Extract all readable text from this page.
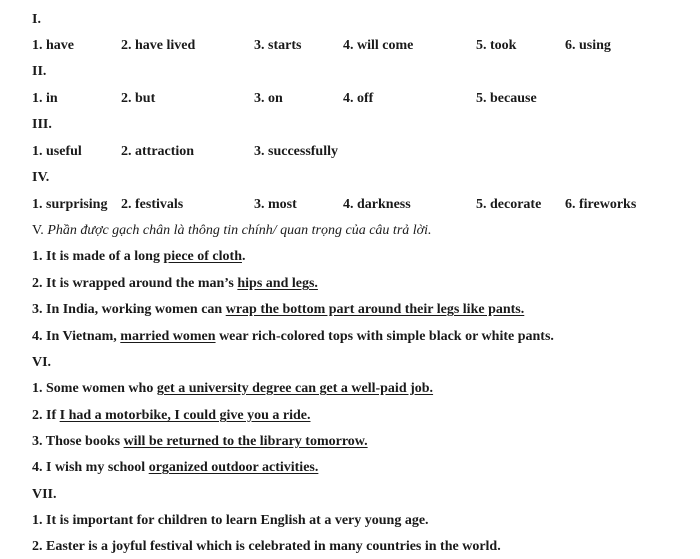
I.
1. have	2. have lived	3. starts	4. will come	5. took	6. using
II.
1. in	2. but	3. on	4. off	5. because
III.
1. useful	2. attraction	3. successfully
IV.
1. surprising 2. festivals	3. most	4. darkness	5. decorate 6. fireworks
V. Phần được gạch chân là thông tin chính/ quan trọng của câu trả lời.
1. It is made of a long piece of cloth.
2. It is wrapped around the man’s hips and legs.
3. In India, working women can wrap the bottom part around their legs like pants.
4. In Vietnam, married women wear rich-colored tops with simple black or white pants.
VI.
1. Some women who get a university degree can get a well-paid job.
2. If I had a motorbike, I could give you a ride.
3. Those books will be returned to the library tomorrow.
4. I wish my school organized outdoor activities.
VII.
1. It is important for children to learn English at a very young age.
2. Easter is a joyful festival which is celebrated in many countries in the world.
